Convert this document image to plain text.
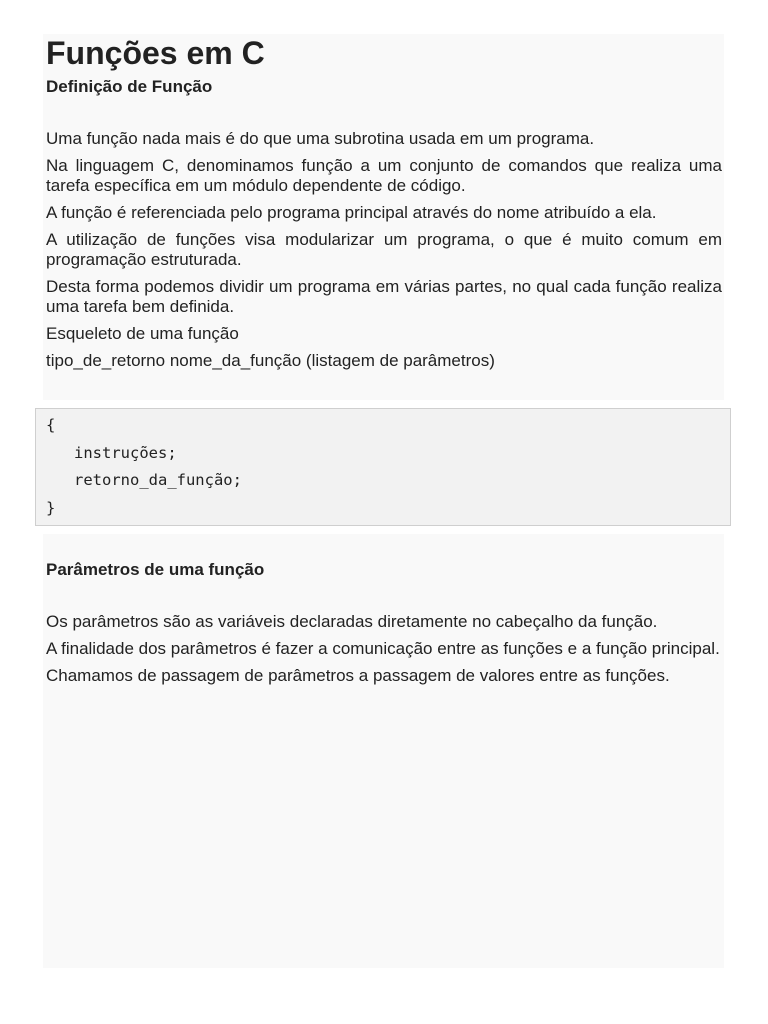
Funções em C
Definição de Função

Uma função nada mais é do que uma subrotina usada em um programa.

Na linguagem C, denominamos função a um conjunto de comandos que realiza uma tarefa específica em um módulo dependente de código.

A função é referenciada pelo programa principal através do nome atribuído a ela.

A utilização de funções visa modularizar um programa, o que é muito comum em programação estruturada.

Desta forma podemos dividir um programa em várias partes, no qual cada função realiza uma tarefa bem definida.

Esqueleto de uma função

tipo_de_retorno nome_da_função (listagem de parâmetros)

{
instruções;
retorno_da_função;
}
Parâmetros de uma função

Os parâmetros são as variáveis declaradas diretamente no cabeçalho da função.

A finalidade dos parâmetros é fazer a comunicação entre as funções e a função principal.

Chamamos de passagem de parâmetros a passagem de valores entre as funções.
